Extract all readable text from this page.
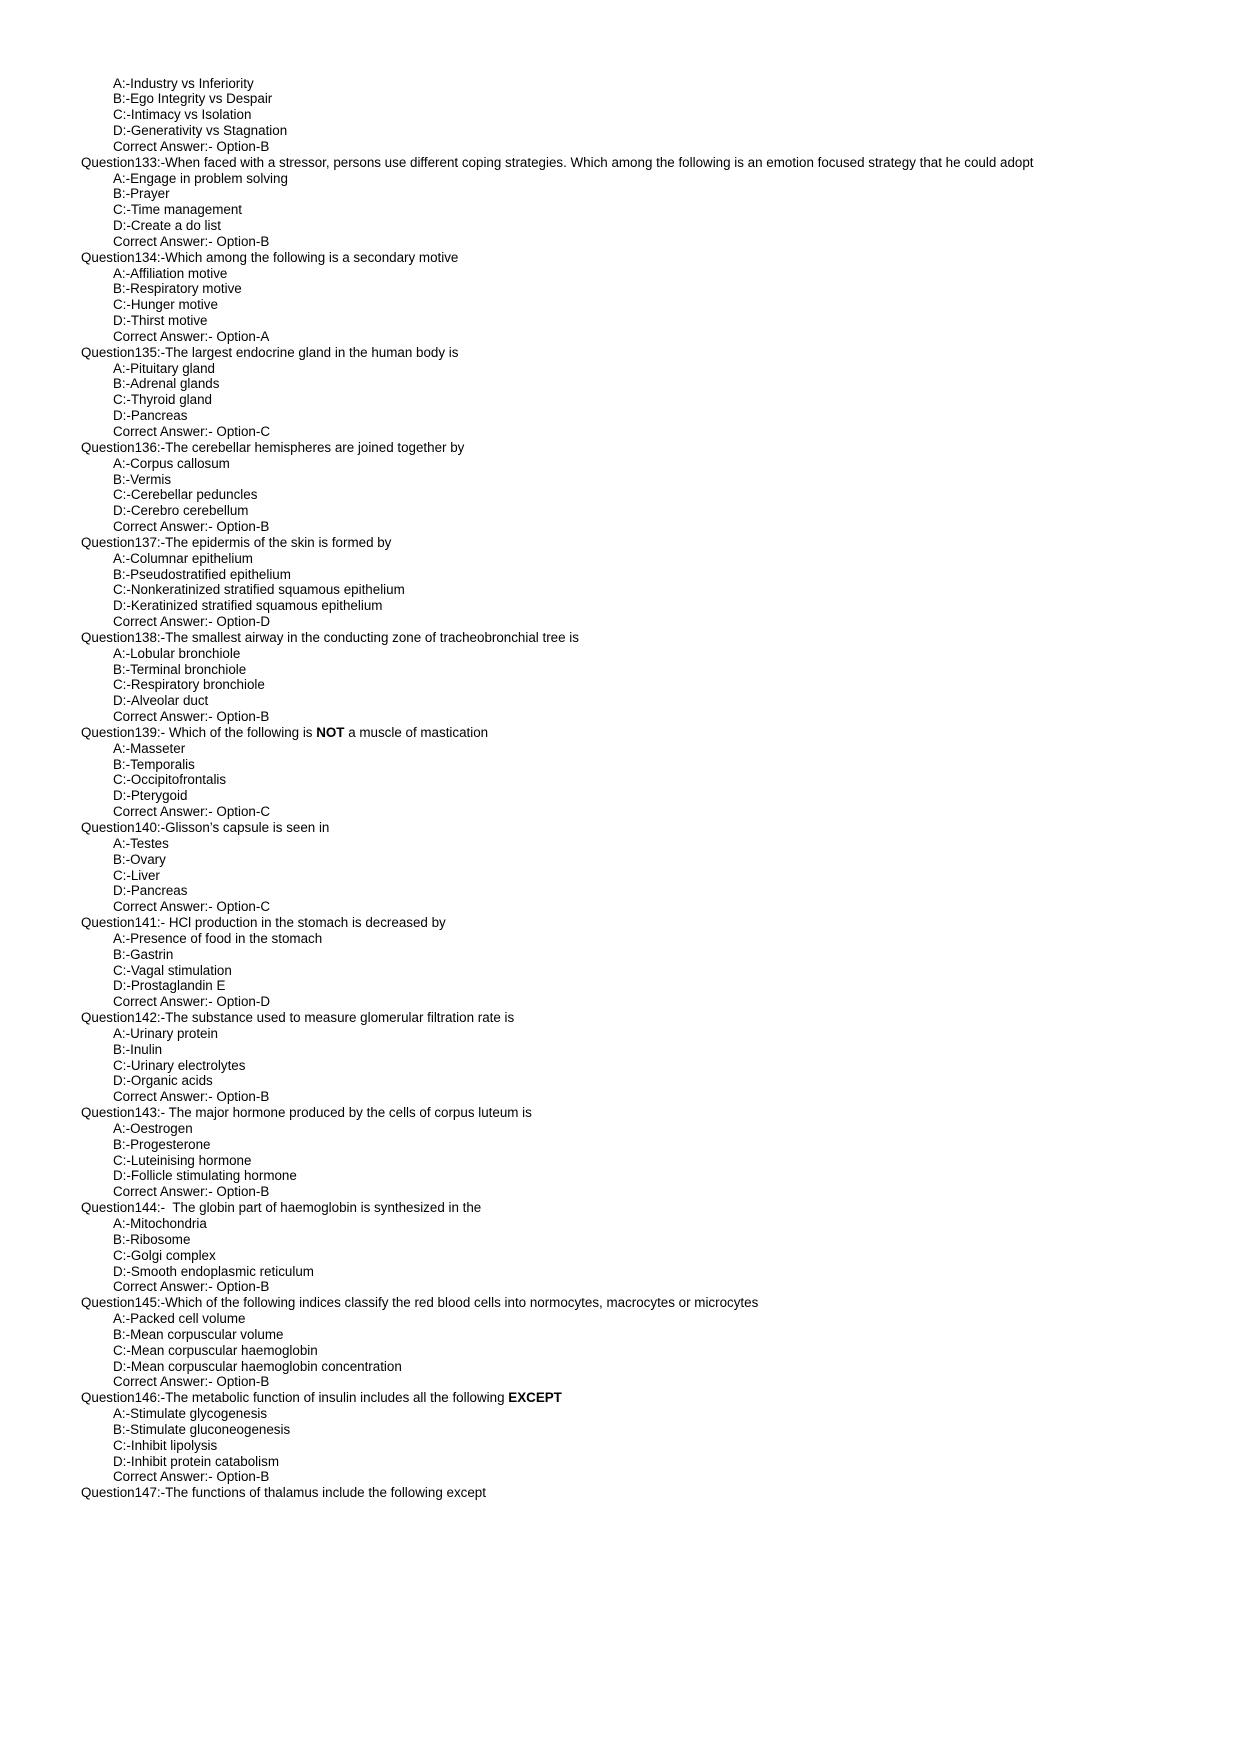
A:-Industry vs Inferiority
B:-Ego Integrity vs Despair
C:-Intimacy vs Isolation
D:-Generativity vs Stagnation
Correct Answer:- Option-B
Question133:-When faced with a stressor, persons use different coping strategies. Which among the following is an emotion focused strategy that he could adopt
A:-Engage in problem solving
B:-Prayer
C:-Time management
D:-Create a do list
Correct Answer:- Option-B
Question134:-Which among the following is a secondary motive
A:-Affiliation motive
B:-Respiratory motive
C:-Hunger motive
D:-Thirst motive
Correct Answer:- Option-A
Question135:-The largest endocrine gland in the human body is
A:-Pituitary gland
B:-Adrenal glands
C:-Thyroid gland
D:-Pancreas
Correct Answer:- Option-C
Question136:-The cerebellar hemispheres are joined together by
A:-Corpus callosum
B:-Vermis
C:-Cerebellar peduncles
D:-Cerebro cerebellum
Correct Answer:- Option-B
Question137:-The epidermis of the skin is formed by
A:-Columnar epithelium
B:-Pseudostratified epithelium
C:-Nonkeratinized stratified squamous epithelium
D:-Keratinized stratified squamous epithelium
Correct Answer:- Option-D
Question138:-The smallest airway in the conducting zone of tracheobronchial tree is
A:-Lobular bronchiole
B:-Terminal bronchiole
C:-Respiratory bronchiole
D:-Alveolar duct
Correct Answer:- Option-B
Question139:- Which of the following is NOT a muscle of mastication
A:-Masseter
B:-Temporalis
C:-Occipitofrontalis
D:-Pterygoid
Correct Answer:- Option-C
Question140:-Glisson’s capsule is seen in
A:-Testes
B:-Ovary
C:-Liver
D:-Pancreas
Correct Answer:- Option-C
Question141:- HCl production in the stomach is decreased by
A:-Presence of food in the stomach
B:-Gastrin
C:-Vagal stimulation
D:-Prostaglandin E
Correct Answer:- Option-D
Question142:-The substance used to measure glomerular filtration rate is
A:-Urinary protein
B:-Inulin
C:-Urinary electrolytes
D:-Organic acids
Correct Answer:- Option-B
Question143:- The major hormone produced by the cells of corpus luteum is
A:-Oestrogen
B:-Progesterone
C:-Luteinising hormone
D:-Follicle stimulating hormone
Correct Answer:- Option-B
Question144:-  The globin part of haemoglobin is synthesized in the
A:-Mitochondria
B:-Ribosome
C:-Golgi complex
D:-Smooth endoplasmic reticulum
Correct Answer:- Option-B
Question145:-Which of the following indices classify the red blood cells into normocytes, macrocytes or microcytes
A:-Packed cell volume
B:-Mean corpuscular volume
C:-Mean corpuscular haemoglobin
D:-Mean corpuscular haemoglobin concentration
Correct Answer:- Option-B
Question146:-The metabolic function of insulin includes all the following EXCEPT
A:-Stimulate glycogenesis
B:-Stimulate gluconeogenesis
C:-Inhibit lipolysis
D:-Inhibit protein catabolism
Correct Answer:- Option-B
Question147:-The functions of thalamus include the following except
